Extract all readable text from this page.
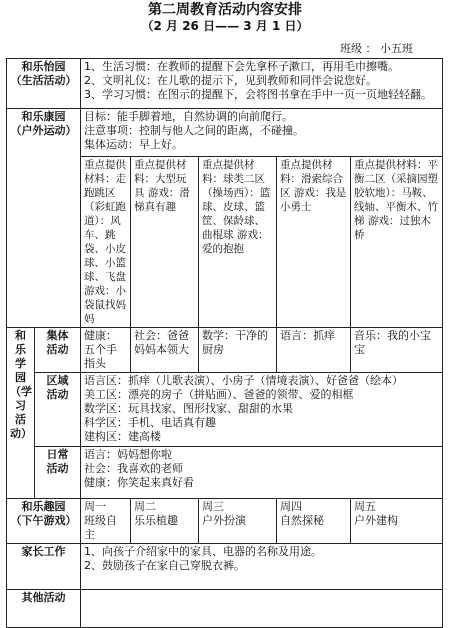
第二周教育活动内容安排
（2 月 26 日—— 3 月 1 日）
班级 ： 小五班
和乐怡园
（生活活动）		1、生活习惯：在教师的提醒下会先拿杯子漱口，再用毛巾擦嘴。
2、文明礼仪：在儿歌的提示下，见到教师和同伴会说您好。
3、学习习惯：在图示的提醒下，会将图书拿在手中一页一页地轻轻翻。				

和乐康园
（户外运动）		目标：能手脚着地，自然协调的向前爬行。
注意事项：控制与他人之间的距离，不碰撞。
集体运动：早上好。				

		重点提供材料：走跑跳区（彩虹跑道）：风车、跳袋、小皮球、小篮球、飞盘 游戏：小袋鼠找妈妈	重点提供材料：大型玩具 游戏：滑梯真有趣	重点提供材料：球类二区（操场西）：篮球、皮球、篮筐、保龄球、曲棍球 游戏：爱的抱抱	重点提供材料：滑索综合区 游戏：我是小勇士	重点提供材料：平衡二区（采摘园塑胶软地）：马鞍、线轴、平衡木、竹梯 游戏：过独木桥

和乐
学园
（学
习活
动）	集体
活动	健康：五个手指头	社会：爸爸妈妈本领大	数学：干净的厨房	语言：抓痒	音乐：我的小宝宝

	区域
活动	语言区：抓痒（儿歌表演）、小房子（情境表演）、好爸爸（绘本）
美工区：漂亮的房子（拼贴画）、爸爸的领带、爱的相框
数学区：玩具找家、图形找家、甜甜的水果
科学区：手机、电话真有趣
建构区：建高楼				

	日常
活动	语言：妈妈想你啦
社会：我喜欢的老师
健康：你笑起来真好看				

和乐趣园
（下午游戏）		周一
班级自主	周二
乐乐植趣	周三
户外扮演	周四
自然探秘	周五
户外建构

家长工作		1、向孩子介绍家中的家具、电器的名称及用途。
2、鼓励孩子在家自己穿脱衣裤。				

其他活动						
